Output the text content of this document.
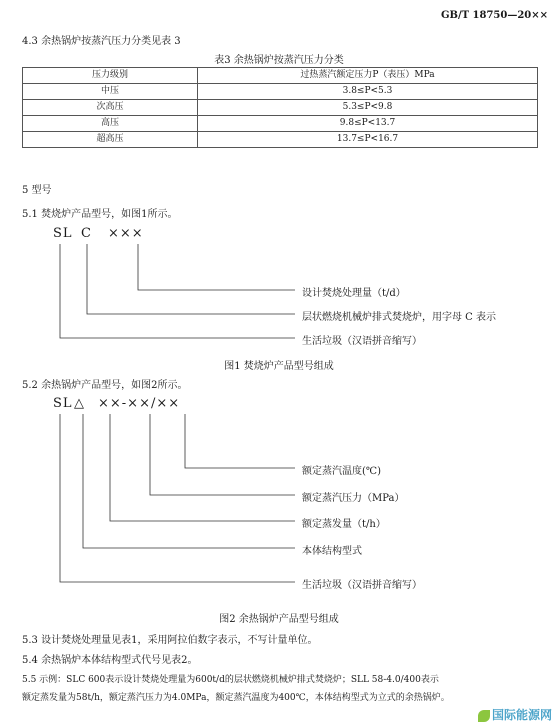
GB/T 18750—20××
4.3 余热锅炉按蒸汽压力分类见表 3
表3 余热锅炉按蒸汽压力分类
压力级别	过热蒸汽额定压力P（表压）MPa
中压	3.8≤P<5.3
次高压	5.3≤P<9.8
高压	9.8≤P<13.7
超高压	13.7≤P<16.7
5 型号
5.1 焚烧炉产品型号，如图1所示。
SL C ×××
设计焚烧处理量（t/d）
层状燃烧机械炉排式焚烧炉，用字母 C 表示
生活垃圾（汉语拼音缩写）
图1 焚烧炉产品型号组成
5.2 余热锅炉产品型号，如图2所示。
SL △ ××-××/××
额定蒸汽温度(℃)
额定蒸汽压力（MPa）
额定蒸发量（t/h）
本体结构型式
生活垃圾（汉语拼音缩写）
图2 余热锅炉产品型号组成
5.3 设计焚烧处理量见表1，采用阿拉伯数字表示，不写计量单位。
5.4 余热锅炉本体结构型式代号见表2。
5.5 示例：SLC 600表示设计焚烧处理量为600t/d的层状燃烧机械炉排式焚烧炉；SLL 58-4.0/400表示
额定蒸发量为58t/h，额定蒸汽压力为4.0MPa，额定蒸汽温度为400℃，本体结构型式为立式的余热锅炉。
国际能源网
